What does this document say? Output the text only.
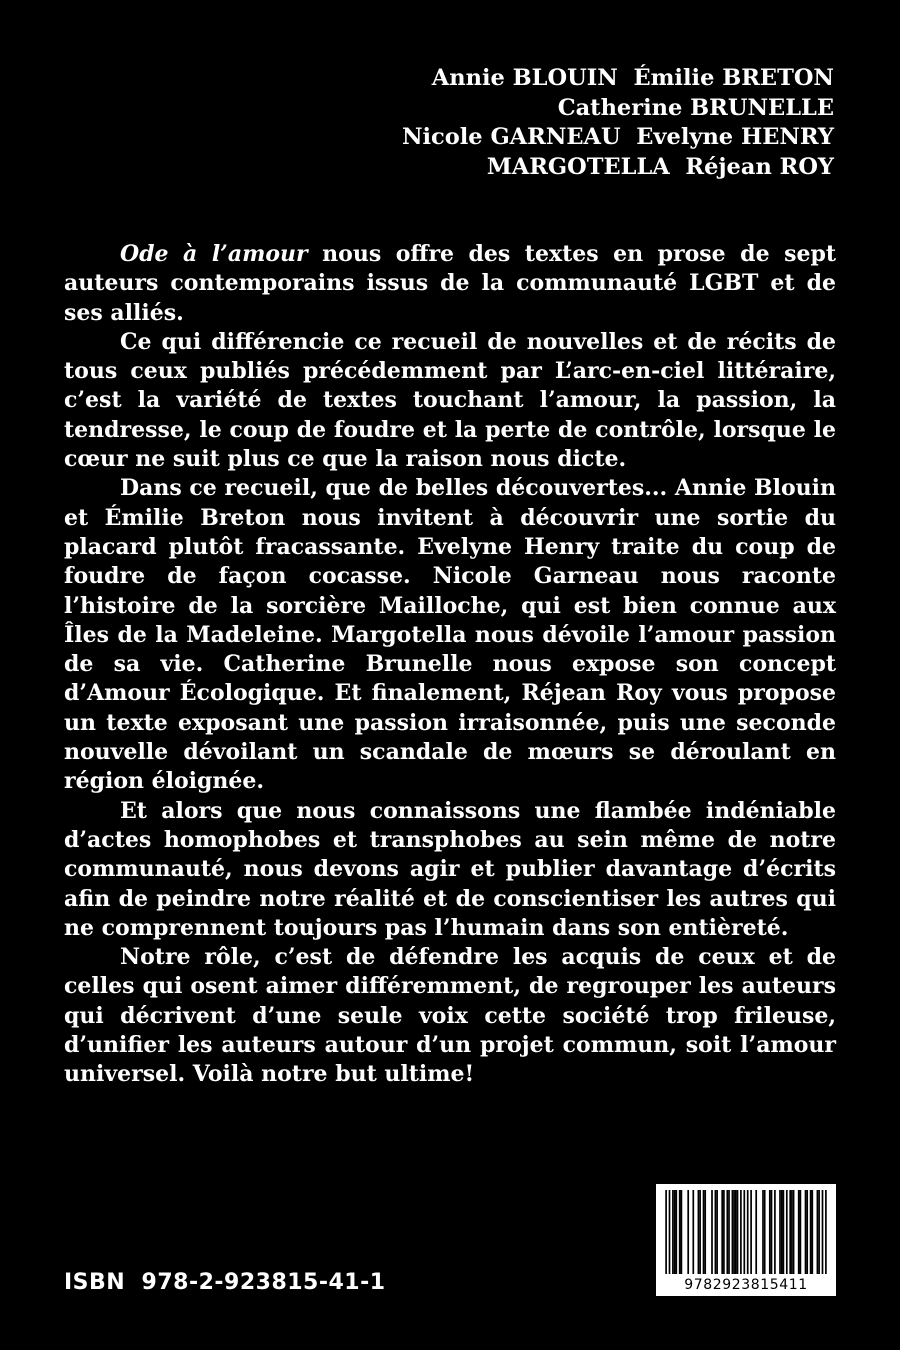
Annie BLOUIN  Émilie BRETON
Catherine BRUNELLE
Nicole GARNEAU  Evelyne HENRY
MARGOTELLA  Réjean ROY

Ode à l’amour nous offre des textes en prose de sept auteurs contemporains issus de la communauté LGBT et de ses alliés.

Ce qui différencie ce recueil de nouvelles et de récits de tous ceux publiés précédemment par L’arc-en-ciel littéraire, c’est la variété de textes touchant l’amour, la passion, la tendresse, le coup de foudre et la perte de contrôle, lorsque le cœur ne suit plus ce que la raison nous dicte.

Dans ce recueil, que de belles découvertes... Annie Blouin et Émilie Breton nous invitent à découvrir une sortie du placard plutôt fracassante. Evelyne Henry traite du coup de foudre de façon cocasse. Nicole Garneau nous raconte l’histoire de la sorcière Mailloche, qui est bien connue aux Îles de la Madeleine. Margotella nous dévoile l’amour passion de sa vie. Catherine Brunelle nous expose son concept d’Amour Écologique. Et finalement, Réjean Roy vous propose un texte exposant une passion irraisonnée, puis une seconde nouvelle dévoilant un scandale de mœurs se déroulant en région éloignée.

Et alors que nous connaissons une flambée indéniable d’actes homophobes et transphobes au sein même de notre communauté, nous devons agir et publier davantage d’écrits afin de peindre notre réalité et de conscientiser les autres qui ne comprennent toujours pas l’humain dans son entièreté.

Notre rôle, c’est de défendre les acquis de ceux et de celles qui osent aimer différemment, de regrouper les auteurs qui décrivent d’une seule voix cette société trop frileuse, d’unifier les auteurs autour d’un projet commun, soit l’amour universel. Voilà notre but ultime!

ISBN  978-2-923815-41-1	9782923815411
